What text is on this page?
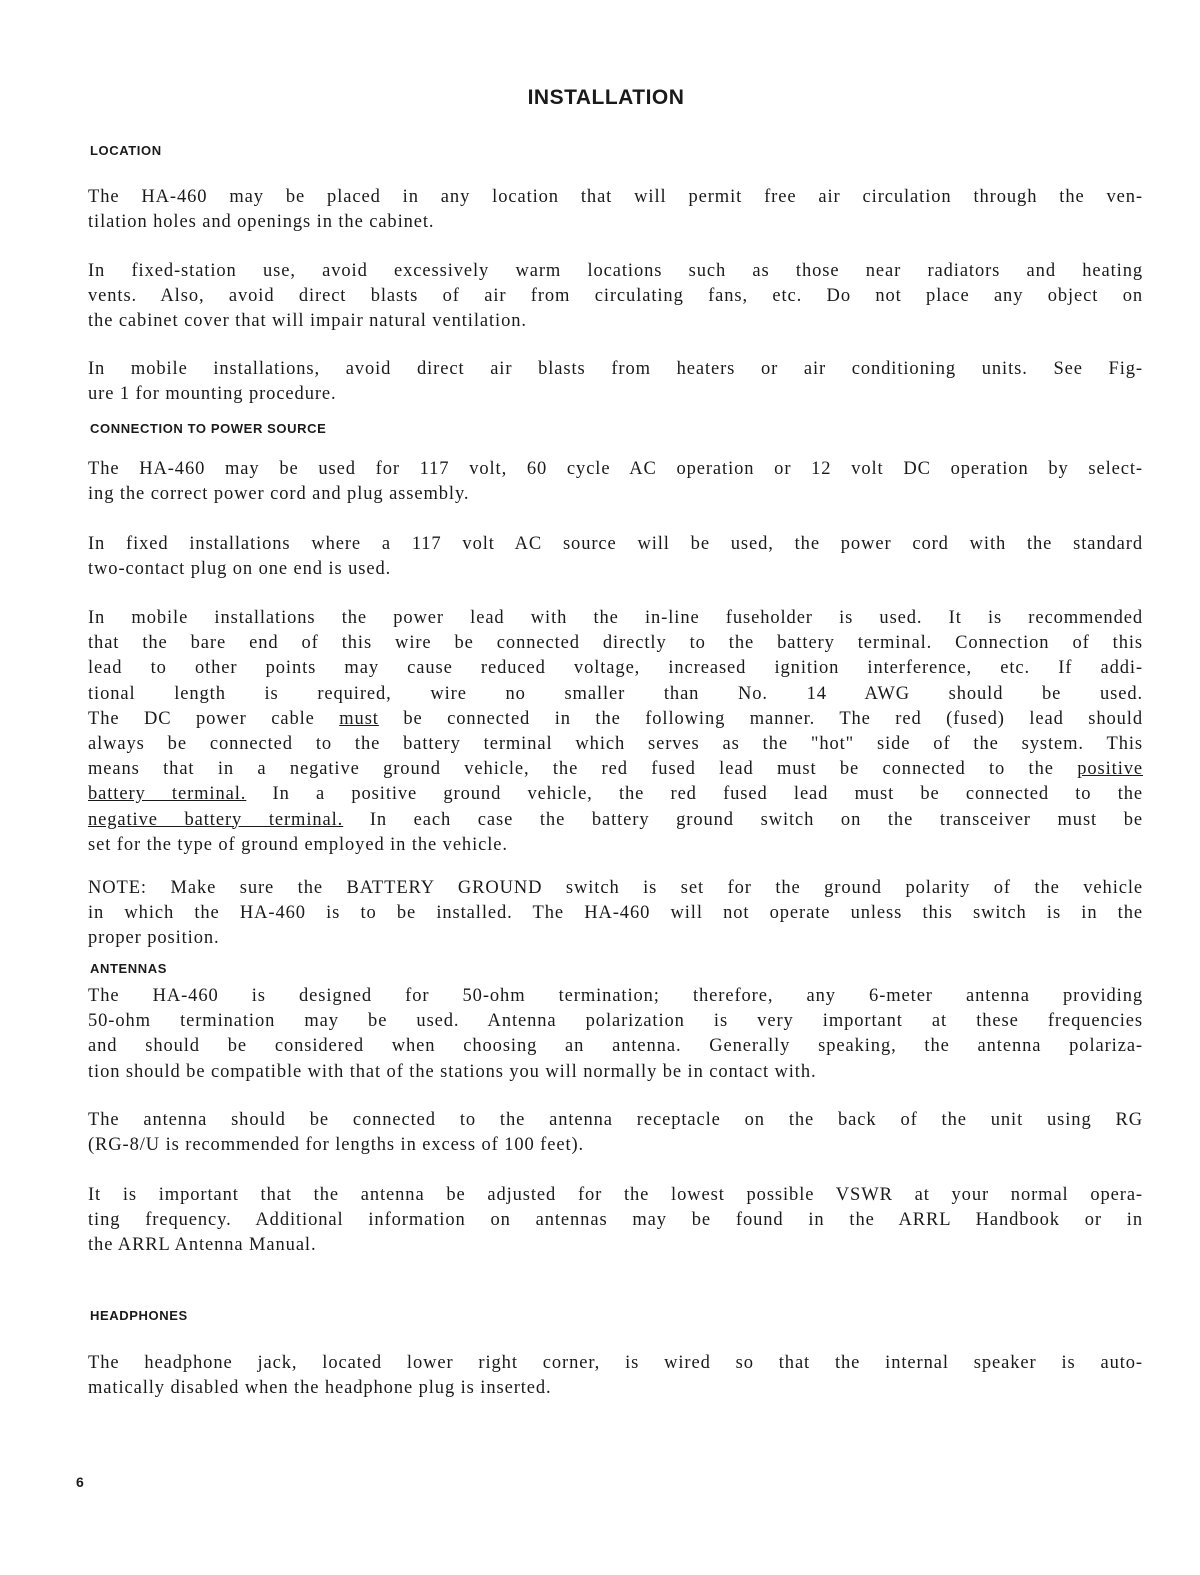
INSTALLATION
LOCATION
The HA-460 may be placed in any location that will permit free air circulation through the ven-
tilation holes and openings in the cabinet.
In fixed-station use, avoid excessively warm locations such as those near radiators and heating
vents. Also, avoid direct blasts of air from circulating fans, etc. Do not place any object on
the cabinet cover that will impair natural ventilation.
In mobile installations, avoid direct air blasts from heaters or air conditioning units. See Fig-
ure 1 for mounting procedure.
CONNECTION TO POWER SOURCE
The HA-460 may be used for 117 volt, 60 cycle AC operation or 12 volt DC operation by select-
ing the correct power cord and plug assembly.
In fixed installations where a 117 volt AC source will be used, the power cord with the standard
two-contact plug on one end is used.
In mobile installations the power lead with the in-line fuseholder is used. It is recommended
that the bare end of this wire be connected directly to the battery terminal. Connection of this
lead to other points may cause reduced voltage, increased ignition interference, etc. If addi-
tional length is required, wire no smaller than No. 14 AWG should be used.
The DC power cable must be connected in the following manner. The red (fused) lead should
always be connected to the battery terminal which serves as the "hot" side of the system. This
means that in a negative ground vehicle, the red fused lead must be connected to the positive
battery terminal. In a positive ground vehicle, the red fused lead must be connected to the
negative battery terminal. In each case the battery ground switch on the transceiver must be
set for the type of ground employed in the vehicle.
NOTE: Make sure the BATTERY GROUND switch is set for the ground polarity of the vehicle
in which the HA-460 is to be installed. The HA-460 will not operate unless this switch is in the
proper position.
ANTENNAS
The HA-460 is designed for 50-ohm termination; therefore, any 6-meter antenna providing
50-ohm termination may be used. Antenna polarization is very important at these frequencies
and should be considered when choosing an antenna. Generally speaking, the antenna polariza-
tion should be compatible with that of the stations you will normally be in contact with.
The antenna should be connected to the antenna receptacle on the back of the unit using RG
(RG-8/U is recommended for lengths in excess of 100 feet).
It is important that the antenna be adjusted for the lowest possible VSWR at your normal opera-
ting frequency. Additional information on antennas may be found in the ARRL Handbook or in
the ARRL Antenna Manual.
HEADPHONES
The headphone jack, located lower right corner, is wired so that the internal speaker is auto-
matically disabled when the headphone plug is inserted.
6
